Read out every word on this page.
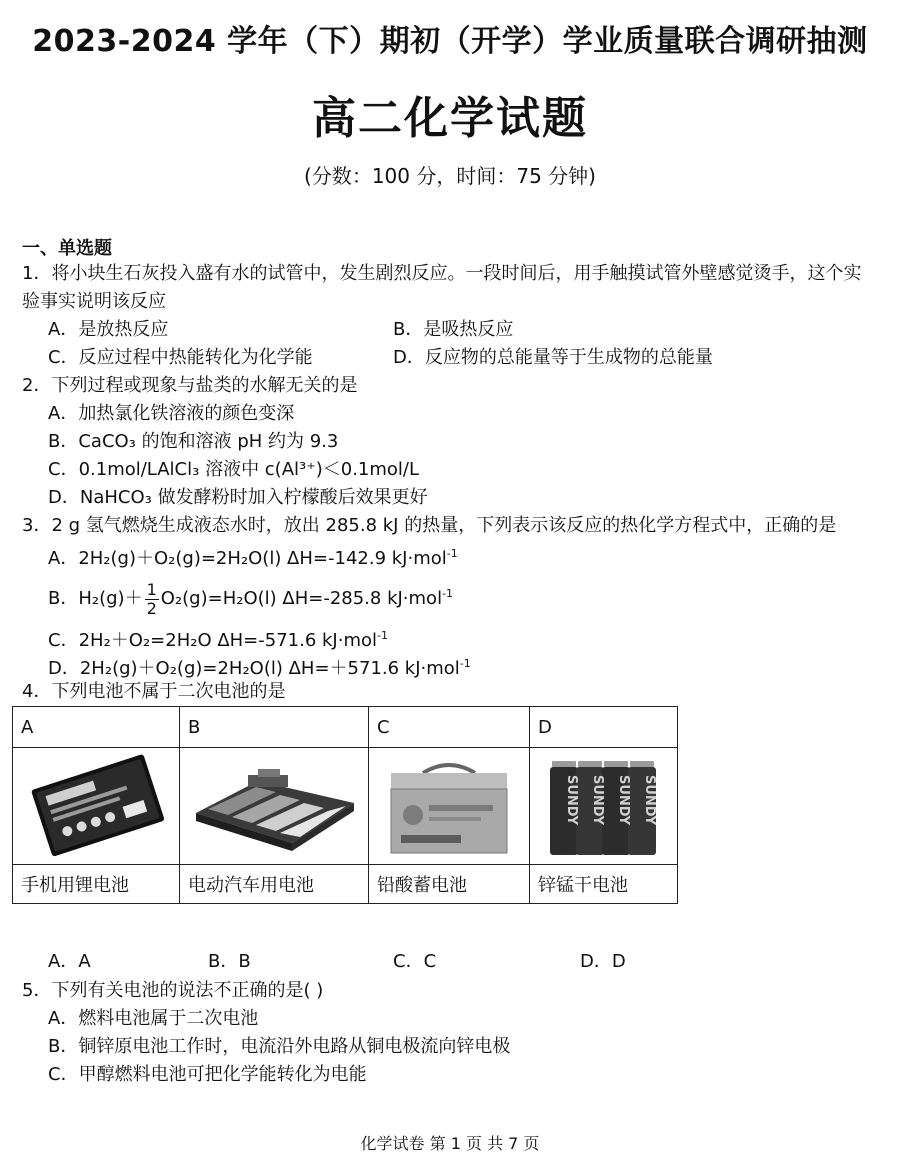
2023-2024 学年（下）期初（开学）学业质量联合调研抽测
高二化学试题
(分数：100 分，时间：75 分钟)
一、单选题
1．将小块生石灰投入盛有水的试管中，发生剧烈反应。一段时间后，用手触摸试管外壁感觉烫手，这个实
验事实说明该反应
A．是放热反应	B．是吸热反应
C．反应过程中热能转化为化学能	D．反应物的总能量等于生成物的总能量
2．下列过程或现象与盐类的水解无关的是
A．加热氯化铁溶液的颜色变深
B．CaCO₃ 的饱和溶液 pH 约为 9.3
C．0.1mol/LAlCl₃ 溶液中 c(Al³⁺)＜0.1mol/L
D．NaHCO₃ 做发酵粉时加入柠檬酸后效果更好
3．2 g 氢气燃烧生成液态水时，放出 285.8 kJ 的热量，下列表示该反应的热化学方程式中，正确的是
A．2H₂(g)＋O₂(g)=2H₂O(l) ΔH=-142.9 kJ·mol$^{-1}$
B．$H_2(g)+ \frac{1}{2} O_2(g)=H_2O(l)$ ΔH=-285.8 kJ·mol$^{-1}$
C．2H₂＋O₂=2H₂O ΔH=-571.6 kJ·mol$^{-1}$
D．2H₂(g)＋O₂(g)=2H₂O(l) ΔH=＋571.6 kJ·mol$^{-1}$
4．下列电池不属于二次电池的是
A	B	C	D

SUNDY SUNDY SUNDY SUNDY

手机用锂电池	电动汽车用电池	铅酸蓄电池	锌锰干电池
A．A	B．B	C．C	D．D
5．下列有关电池的说法不正确的是( )
A．燃料电池属于二次电池
B．铜锌原电池工作时，电流沿外电路从铜电极流向锌电极
C．甲醇燃料电池可把化学能转化为电能
化学试卷 第 1 页 共 7 页
